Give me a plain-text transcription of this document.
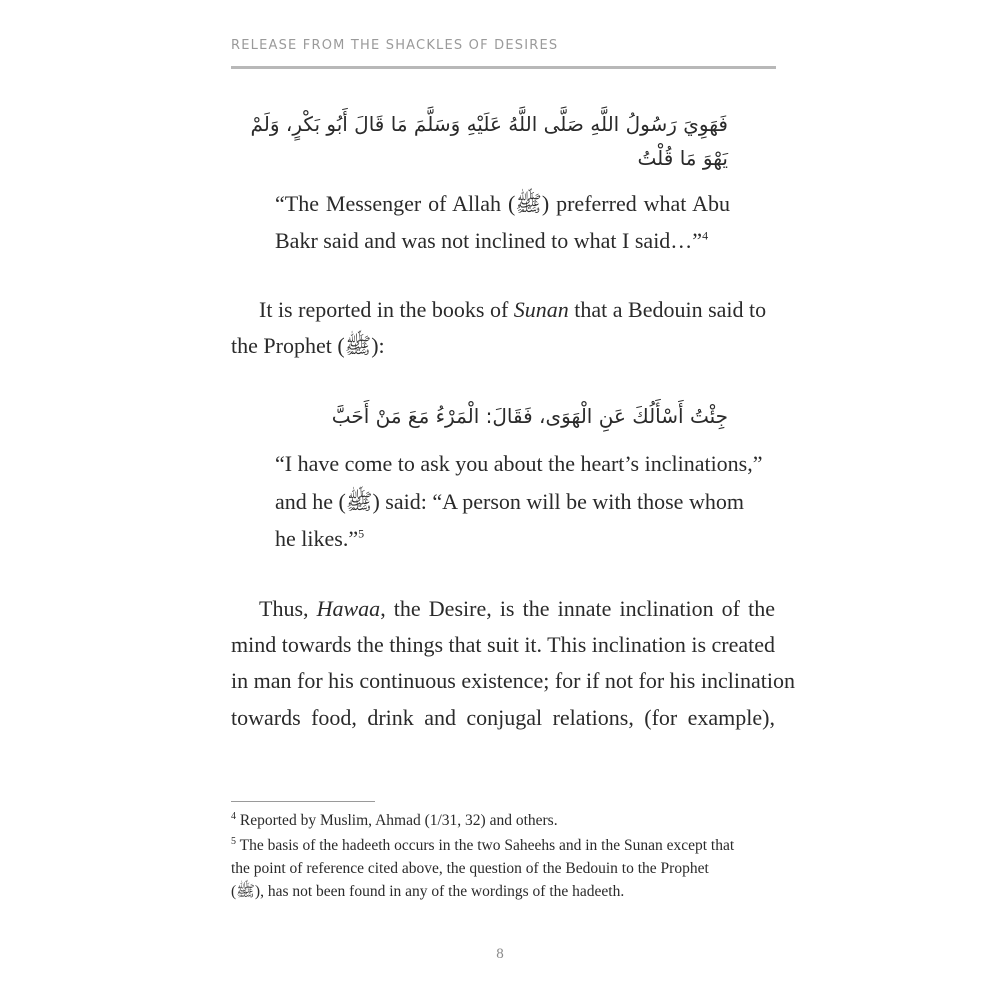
RELEASE FROM THE SHACKLES OF DESIRES
فَهَوِيَ رَسُولُ اللَّهِ صَلَّى اللَّهُ عَلَيْهِ وَسَلَّمَ مَا قَالَ أَبُو بَكْرٍ، وَلَمْ
يَهْوَ مَا قُلْتُ
“The Messenger of Allah (ﷺ) preferred what Abu
Bakr said and was not inclined to what I said…”$^4$
It is reported in the books of Sunan that a Bedouin said to
the Prophet (ﷺ):
جِئْتُ أَسْأَلُكَ عَنِ الْهَوَى، فَقَالَ: الْمَرْءُ مَعَ مَنْ أَحَبَّ
“I have come to ask you about the heart’s inclinations,”
and he (ﷺ) said: “A person will be with those whom
he likes.”$^5$
Thus, Hawaa, the Desire, is the innate inclination of the
mind towards the things that suit it. This inclination is created
in man for his continuous existence; for if not for his inclination
towards food, drink and conjugal relations, (for example),
$^4$ Reported by Muslim, Ahmad (1/31, 32) and others.
$^5$ The basis of the hadeeth occurs in the two Saheehs and in the Sunan except that
the point of reference cited above, the question of the Bedouin to the Prophet
(ﷺ), has not been found in any of the wordings of the hadeeth.
8
